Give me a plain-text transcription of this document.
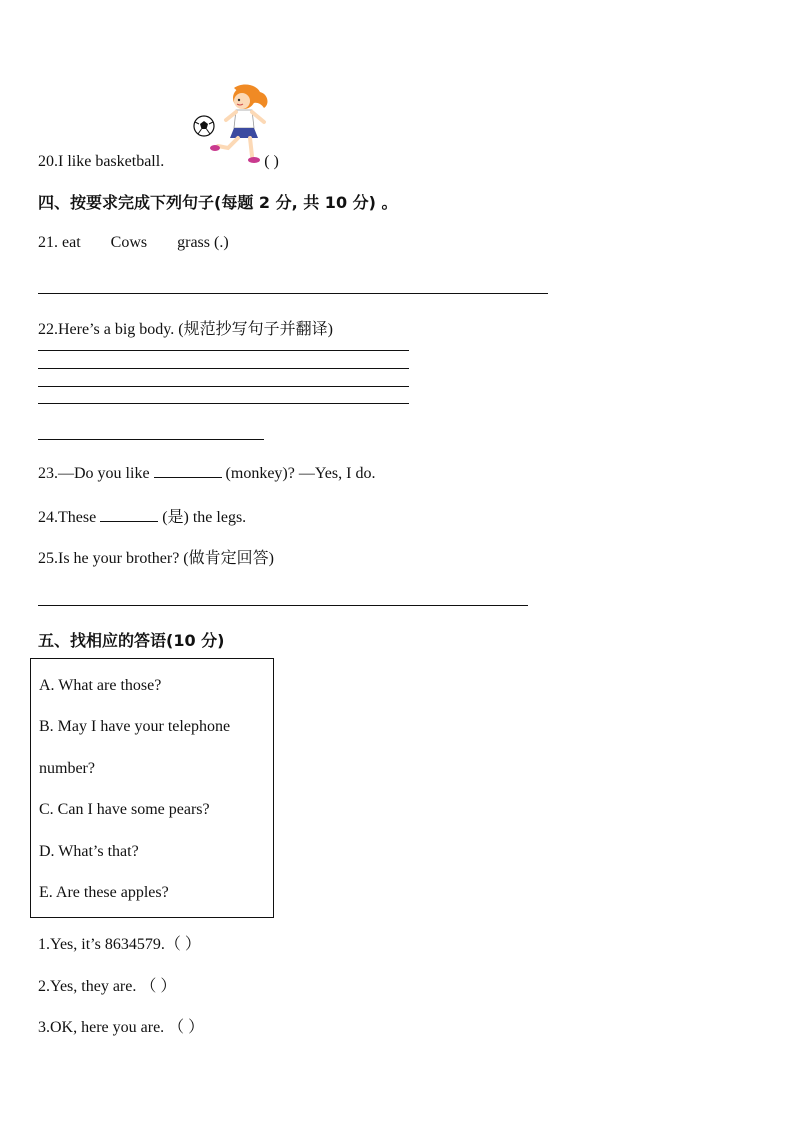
20.I like basketball.	( )
四、按要求完成下列句子(每题 2 分, 共 10 分) 。
21. eat Cows grass (.)
22.Here’s a big body. (规范抄写句子并翻译)
23.—Do you like	(monkey)? —Yes, I do.
24.These	(是) the legs.
25.Is he your brother? (做肯定回答)
五、找相应的答语(10 分)
A. What are those?
B. May I have your telephone
number?
C. Can I have some pears?
D. What’s that?
E. Are these apples?
1.Yes, it’s 8634579.（ ）
2.Yes, they are. （ ）
3.OK, here you are. （ ）
